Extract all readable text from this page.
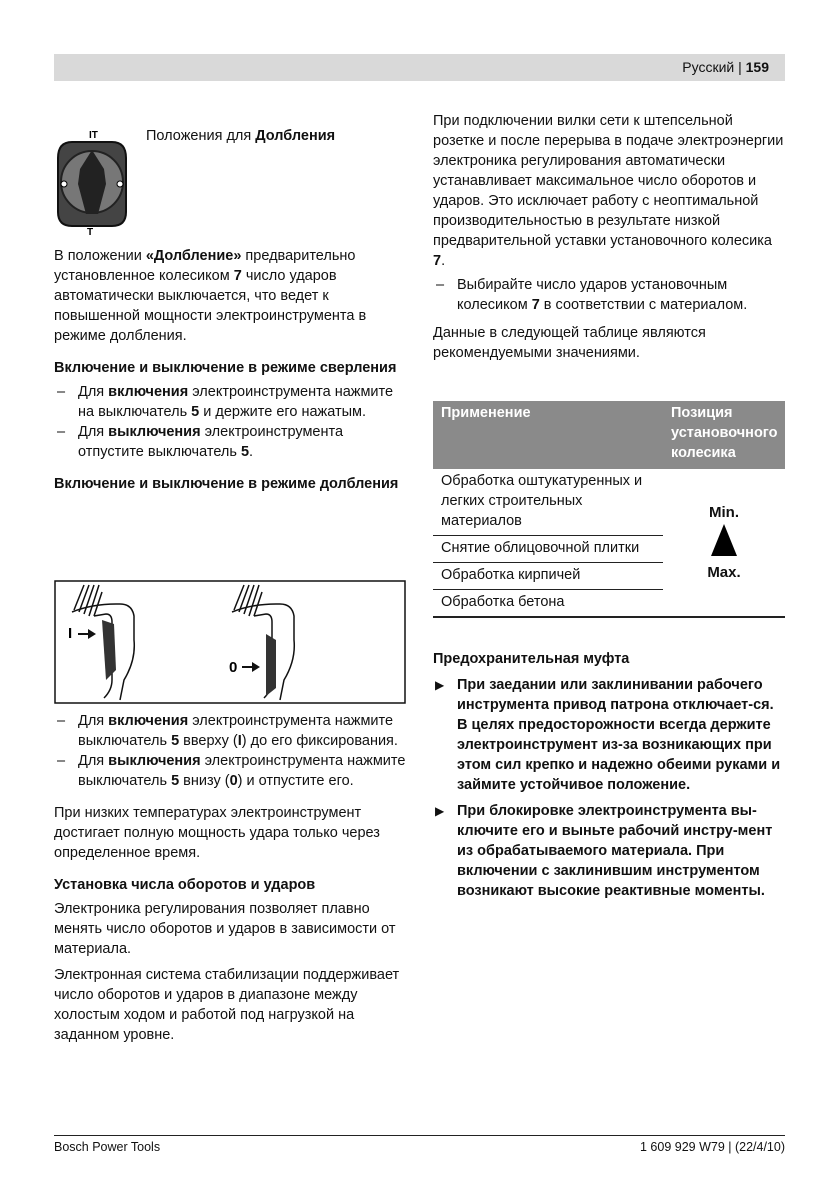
Русский | 159
IT
T
Положения для Долбления

В положении «Долбление» предварительно установленное колесиком 7 число ударов автоматически выключается, что ведет к повышенной мощности электроинструмента в режиме долбления.

Включение и выключение в режиме сверления

– Для включения электроинструмента нажмите на выключатель 5 и держите его нажатым.
– Для выключения электроинструмента отпустите выключатель 5.

Включение и выключение в режиме долбления

I
0
– Для включения электроинструмента нажмите выключатель 5 вверху (I) до его фиксирования.
– Для выключения электроинструмента нажмите выключатель 5 внизу (0) и отпустите его.

При низких температурах электроинструмент достигает полную мощность удара только через определенное время.

Установка числа оборотов и ударов

Электроника регулирования позволяет плавно менять число оборотов и ударов в зависимости от материала.

Электронная система стабилизации поддерживает число оборотов и ударов в диапазоне между холостым ходом и работой под нагрузкой на заданном уровне.

При подключении вилки сети к штепсельной розетке и после перерыва в подаче электроэнергии электроника регулирования автоматически устанавливает максимальное число оборотов и ударов. Это исключает работу с неоптимальной производительностью в результате низкой предварительной уставки установочного колесика 7.

– Выбирайте число ударов установочным колесиком 7 в соответствии с материалом.

Данные в следующей таблице являются рекомендуемыми значениями.

Применение	Позиция установочного колесика
Обработка оштукатуренных и легких строительных материалов	Min.
Max.

Снятие облицовочной плитки	
Обработка кирпичей	
Обработка бетона	

Предохранительная муфта

▶ При заедании или заклинивании рабочего инструмента привод патрона отключает-ся. В целях предосторожности всегда держите электроинструмент из-за возникающих при этом сил крепко и надежно обеими руками и займите устойчивое положение.
▶ При блокировке электроинструмента вы-ключите его и выньте рабочий инстру-мент из обрабатываемого материала. При включении с заклинившим инструментом возникают высокие реактивные моменты.
Bosch Power Tools	1 609 929 W79 | (22/4/10)
